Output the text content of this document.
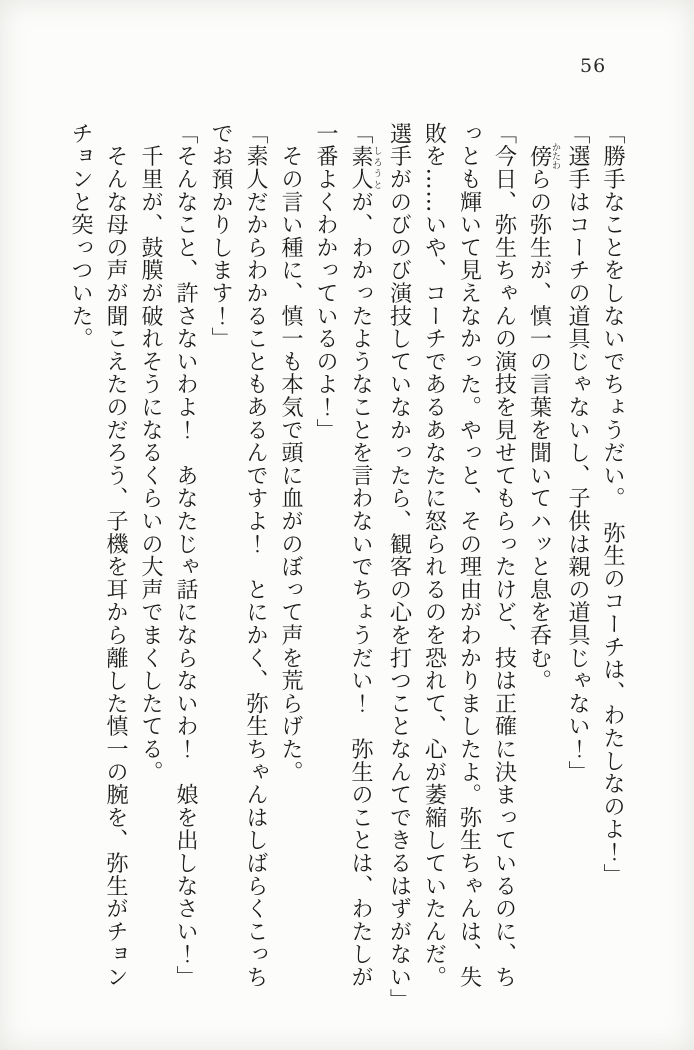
56

「勝手なことをしないでちょうだい。　弥生のコーチは、わたしなのよ！」

「選手はコーチの道具じゃないし、子供は親の道具じゃない！」

　傍かたわらの弥生が、慎一の言葉を聞いてハッと息を呑む。

「今日、弥生ちゃんの演技を見せてもらったけど、技は正確に決まっているのに、ち

っとも輝いて見えなかった。やっと、その理由がわかりましたよ。弥生ちゃんは、失

敗を……いや、コーチであるあなたに怒られるのを恐れて、心が萎縮していたんだ。

選手がのびのび演技していなかったら、観客の心を打つことなんてできるはずがない」

「素人しろうとが、わかったようなことを言わないでちょうだい！　弥生のことは、わたしが

一番よくわかっているのよ！」

　その言い種に、慎一も本気で頭に血がのぼって声を荒らげた。

「素人だからわかることもあるんですよ！　とにかく、弥生ちゃんはしばらくこっち

でお預かりします！」

「そんなこと、許さないわよ！　あなたじゃ話にならないわ！　娘を出しなさい！」

　千里が、鼓膜が破れそうになるくらいの大声でまくしたてる。

　そんな母の声が聞こえたのだろう、子機を耳から離した慎一の腕を、弥生がチョン

チョンと突っついた。
